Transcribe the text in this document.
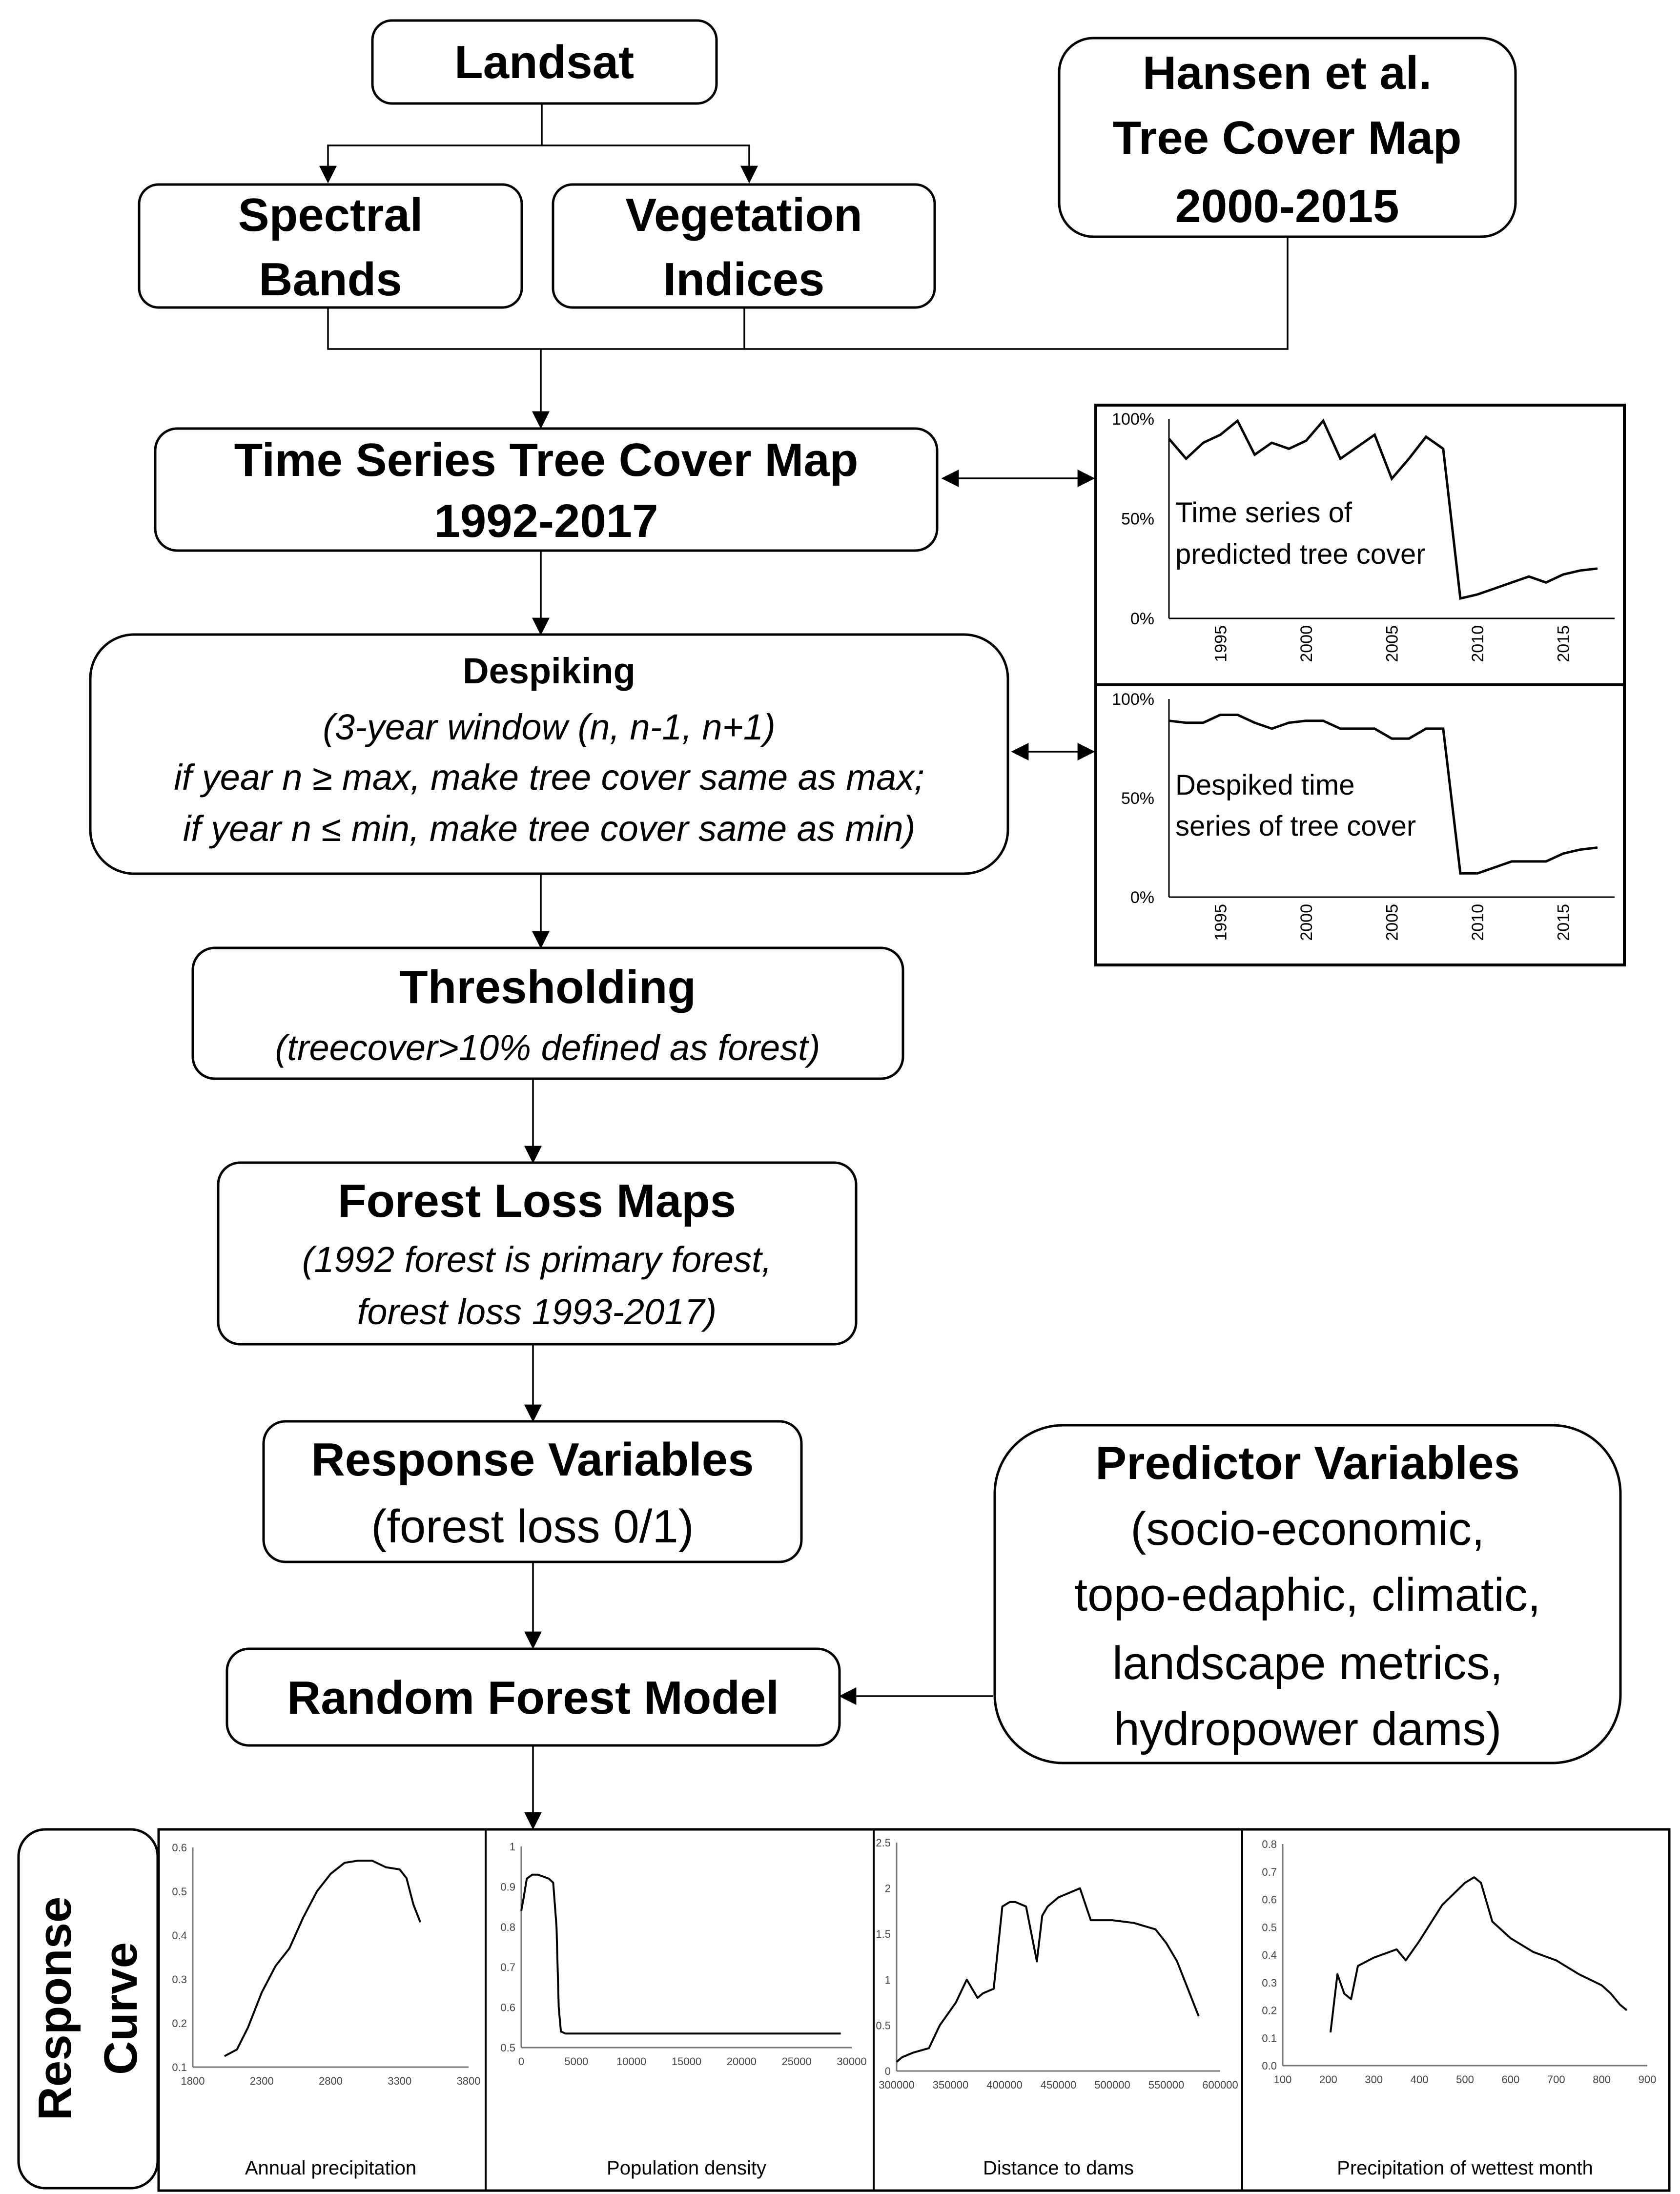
Landsat
Spectral
Bands
Vegetation
Indices
Hansen et al.
Tree Cover Map
2000-2015
Time Series Tree Cover Map
1992-2017
Despiking
(3-year window (n, n-1, n+1)
if year n ≥ max, make tree cover same as max;
if year n ≤ min, make tree cover same as min)
Thresholding
(treecover>10% defined as forest)
Forest Loss Maps
(1992 forest is primary forest,
forest loss 1993-2017)
Response Variables
(forest loss 0/1)
Predictor Variables
(socio-economic,
topo-edaphic, climatic,
landscape metrics,
hydropower dams)
Random Forest Model
Response Curve
0%
50%
100%
1995	2000	2005	2010	2015
Time series of
predicted tree cover
0%
50%
100%
1995	2000	2005	2010	2015
Despiked time
series of tree cover
0.1
0.2
0.3
0.4
0.5
0.6
1800	2300	2800	3300	3800
Annual precipitation
0.5
0.6
0.7
0.8
0.9
1
0	5000	10000 15000 20000 25000 30000
Population density
0
0.5
1
1.5
2
2.5
300000 350000 400000 450000 500000 550000 600000
Distance to dams
0.0
0.1
0.2
0.3
0.4
0.5
0.6
0.7
0.8
100	200	300	400	500	600	700	800	900
Precipitation of wettest month
